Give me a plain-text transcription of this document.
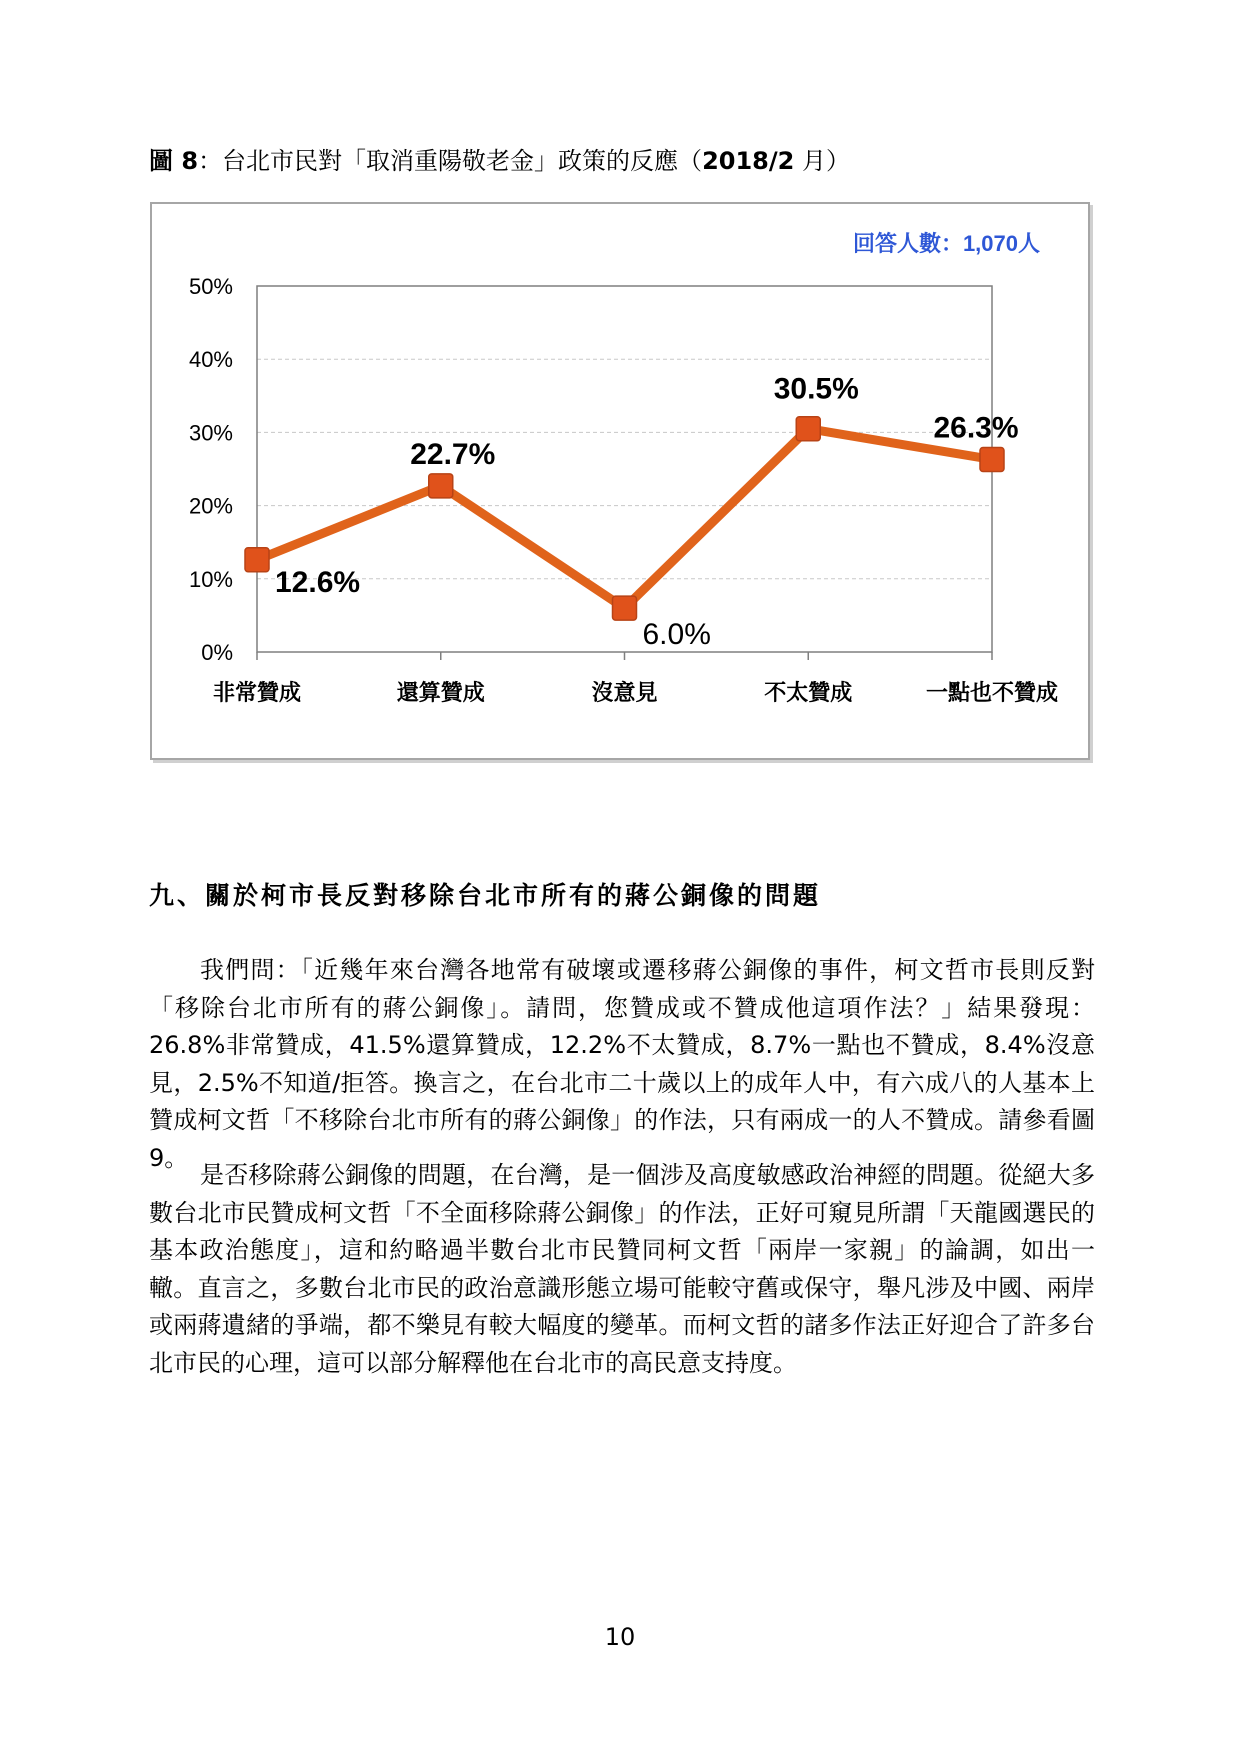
圖 8：台北市民對「取消重陽敬老金」政策的反應（2018/2 月）
回答人數：1,070人
0%
10%
20%
30%
40%
50%
非常贊成	還算贊成	沒意見	不太贊成	一點也不贊成
12.6%
22.7%
6.0%
30.5%
26.3%
九、關於柯市長反對移除台北市所有的蔣公銅像的問題

我們問：「近幾年來台灣各地常有破壞或遷移蔣公銅像的事件，柯文哲市長則反對「移除台北市所有的蔣公銅像」。請問，您贊成或不贊成他這項作法？」結果發現：26.8%非常贊成，41.5%還算贊成，12.2%不太贊成，8.7%一點也不贊成，8.4%沒意見，2.5%不知道/拒答。換言之，在台北市二十歲以上的成年人中，有六成八的人基本上贊成柯文哲「不移除台北市所有的蔣公銅像」的作法，只有兩成一的人不贊成。請參看圖 9。

是否移除蔣公銅像的問題，在台灣，是一個涉及高度敏感政治神經的問題。從絕大多數台北市民贊成柯文哲「不全面移除蔣公銅像」的作法，正好可窺見所謂「天龍國選民的基本政治態度」，這和約略過半數台北市民贊同柯文哲「兩岸一家親」的論調，如出一轍。直言之，多數台北市民的政治意識形態立場可能較守舊或保守，舉凡涉及中國、兩岸或兩蔣遺緒的爭端，都不樂見有較大幅度的變革。而柯文哲的諸多作法正好迎合了許多台北市民的心理，這可以部分解釋他在台北市的高民意支持度。

10
